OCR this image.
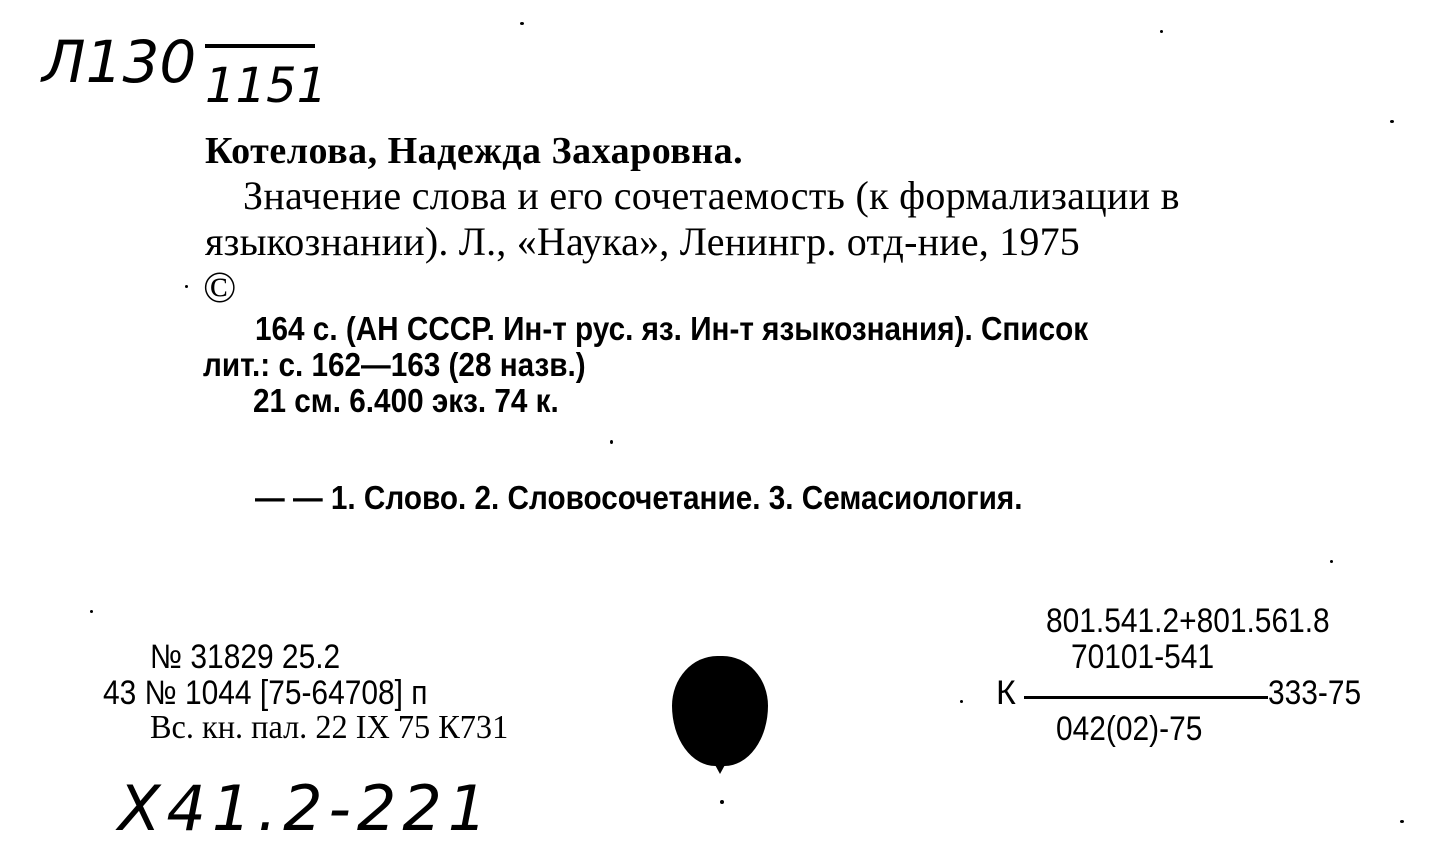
Л130 1151
Котелова, Надежда Захаровна.
Значение слова и его сочетаемость (к формализации в
языкознании). Л., «Наука», Ленингр. отд-ние, 1975
©
164 с. (АН СССР. Ин-т рус. яз. Ин-т языкознания). Список
лит.: с. 162—163 (28 назв.)
21 см. 6.400 экз. 74 к.
— — 1. Слово. 2. Словосочетание. 3. Семасиология.
№ 31829 25.2
43 № 1044 [75-64708] п
Вс. кн. пал. 22 IX 75 К731
801.541.2+801.561.8
70101-541
К	333-75
042(02)-75
Х41.2-221
